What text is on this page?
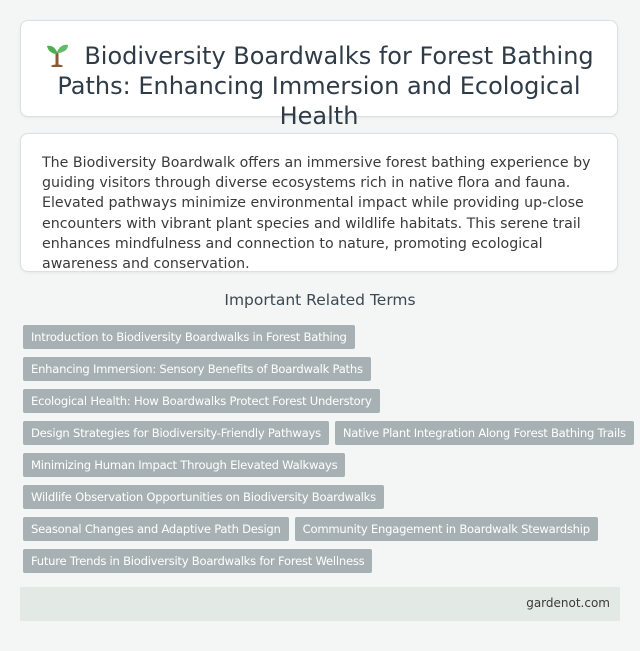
Biodiversity Boardwalks for Forest Bathing Paths: Enhancing Immersion and Ecological Health

The Biodiversity Boardwalk offers an immersive forest bathing experience by guiding visitors through diverse ecosystems rich in native flora and fauna. Elevated pathways minimize environmental impact while providing up-close encounters with vibrant plant species and wildlife habitats. This serene trail enhances mindfulness and connection to nature, promoting ecological awareness and conservation.

Important Related Terms
Introduction to Biodiversity Boardwalks in Forest Bathing
Enhancing Immersion: Sensory Benefits of Boardwalk Paths
Ecological Health: How Boardwalks Protect Forest Understory
Design Strategies for Biodiversity-Friendly Pathways Native Plant Integration Along Forest Bathing Trails
Minimizing Human Impact Through Elevated Walkways
Wildlife Observation Opportunities on Biodiversity Boardwalks
Seasonal Changes and Adaptive Path Design Community Engagement in Boardwalk Stewardship
Future Trends in Biodiversity Boardwalks for Forest Wellness
gardenot.com
